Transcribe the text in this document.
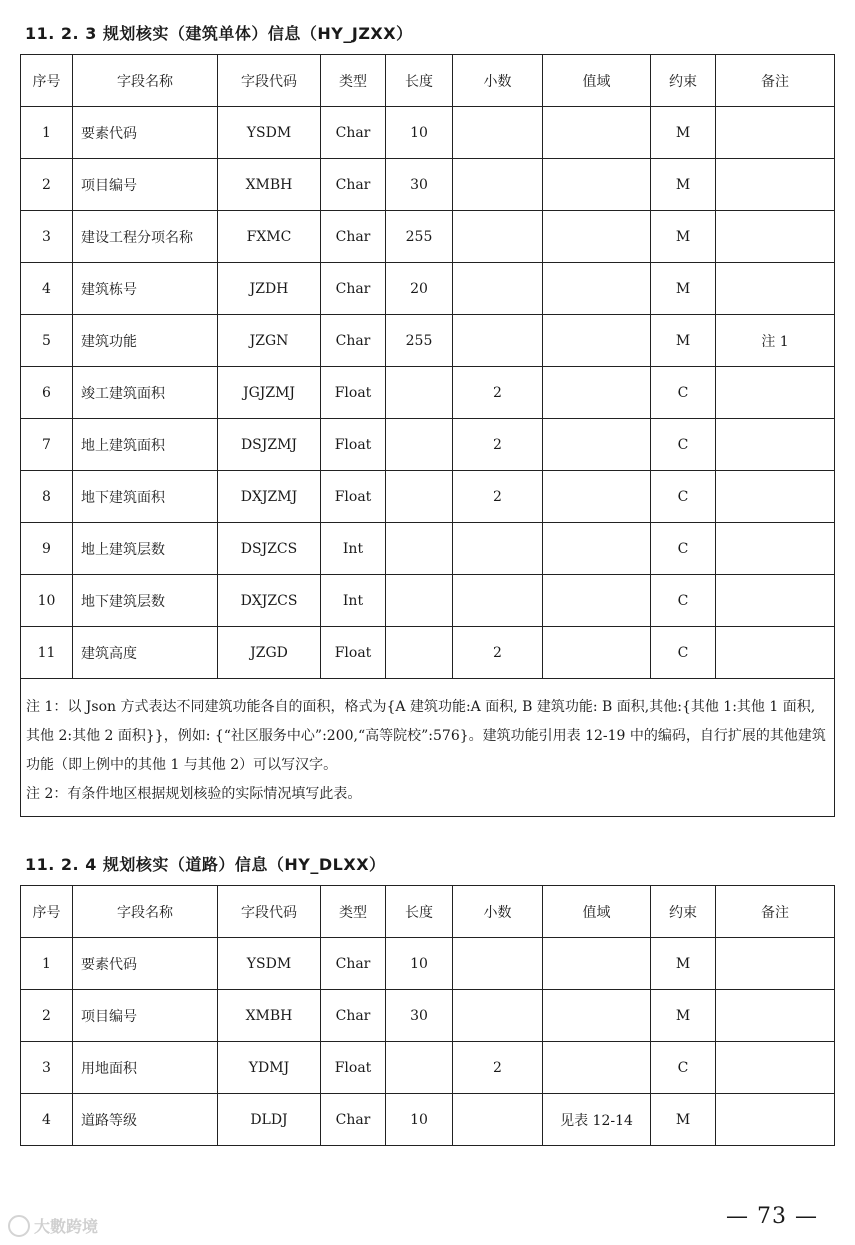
11. 2. 3 规划核实（建筑单体）信息（HY_JZXX）
序号	字段名称	字段代码	类型	长度	小数	值域	约束	备注
1	要素代码	YSDM	Char	10			M	
2	项目编号	XMBH	Char	30			M	
3	建设工程分项名称	FXMC	Char	255			M	
4	建筑栋号	JZDH	Char	20			M	
5	建筑功能	JZGN	Char	255			M	注 1
6	竣工建筑面积	JGJZMJ	Float		2		C	
7	地上建筑面积	DSJZMJ	Float		2		C	
8	地下建筑面积	DXJZMJ	Float		2		C	
9	地上建筑层数	DSJZCS	Int				C	
10	地下建筑层数	DXJZCS	Int				C	
11	建筑高度	JZGD	Float		2		C	

注 1：以 Json 方式表达不同建筑功能各自的面积，格式为{A 建筑功能:A 面积, B 建筑功能: B 面积,其他:{其他 1:其他 1 面积,其他 2:其他 2 面积}}，例如: {“社区服务中心”:200,“高等院校”:576}。建筑功能引用表 12-19 中的编码，自行扩展的其他建筑功能（即上例中的其他 1 与其他 2）可以写汉字。

注 2：有条件地区根据规划核验的实际情况填写此表。								

11. 2. 4 规划核实（道路）信息（HY_DLXX）
序号	字段名称	字段代码	类型	长度	小数	值域	约束	备注
1	要素代码	YSDM	Char	10			M	
2	项目编号	XMBH	Char	30			M	
3	用地面积	YDMJ	Float		2		C	
4	道路等级	DLDJ	Char	10		见表 12-14	M	
— 73 —
大數跨境
